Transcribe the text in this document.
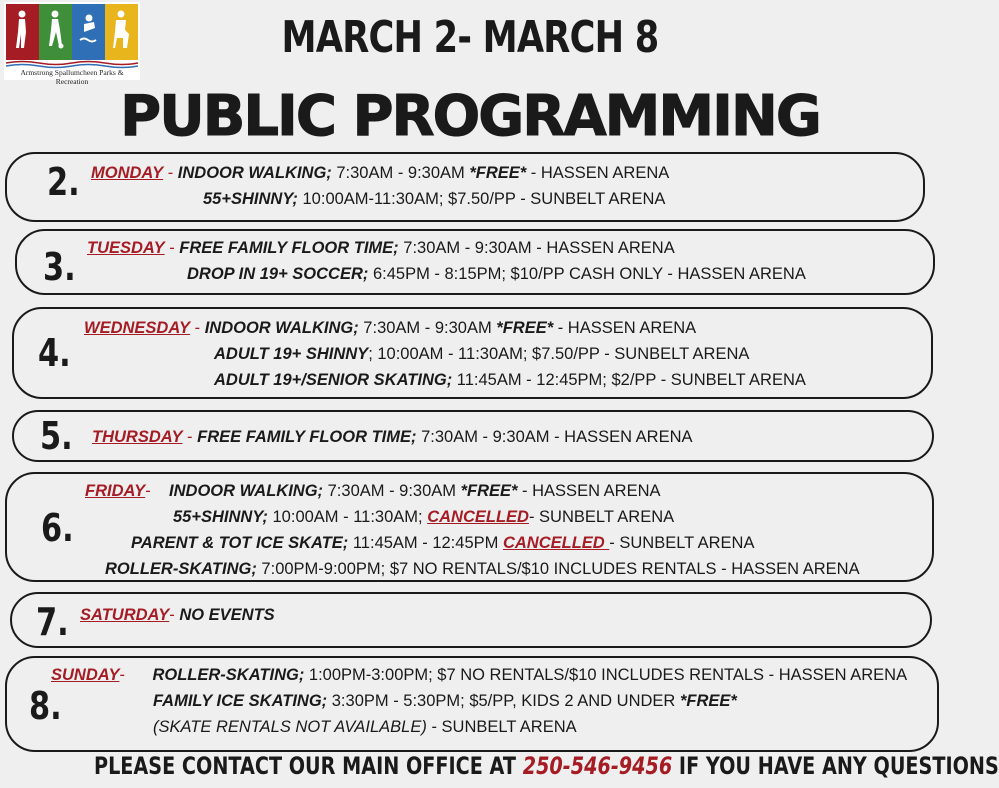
Armstrong Spallumcheen Parks & Recreation
MARCH 2- MARCH 8
PUBLIC PROGRAMMING
2. MONDAY - INDOOR WALKING; 7:30AM - 9:30AM *FREE* - HASSEN ARENA
55+SHINNY; 10:00AM-11:30AM; $7.50/PP - SUNBELT ARENA
3. TUESDAY - FREE FAMILY FLOOR TIME; 7:30AM - 9:30AM - HASSEN ARENA
DROP IN 19+ SOCCER; 6:45PM - 8:15PM; $10/PP CASH ONLY - HASSEN ARENA
4.
WEDNESDAY - INDOOR WALKING; 7:30AM - 9:30AM *FREE* - HASSEN ARENA
ADULT 19+ SHINNY; 10:00AM - 11:30AM; $7.50/PP - SUNBELT ARENA
ADULT 19+/SENIOR SKATING; 11:45AM - 12:45PM; $2/PP - SUNBELT ARENA
5. THURSDAY - FREE FAMILY FLOOR TIME; 7:30AM - 9:30AM - HASSEN ARENA
6.
FRIDAY- INDOOR WALKING; 7:30AM - 9:30AM *FREE* - HASSEN ARENA
55+SHINNY; 10:00AM - 11:30AM; CANCELLED- SUNBELT ARENA
PARENT & TOT ICE SKATE; 11:45AM - 12:45PM CANCELLED - SUNBELT ARENA
ROLLER-SKATING; 7:00PM-9:00PM; $7 NO RENTALS/$10 INCLUDES RENTALS - HASSEN ARENA
7. SATURDAY- NO EVENTS
8.
SUNDAY- ROLLER-SKATING; 1:00PM-3:00PM; $7 NO RENTALS/$10 INCLUDES RENTALS - HASSEN ARENA
FAMILY ICE SKATING; 3:30PM - 5:30PM; $5/PP, KIDS 2 AND UNDER *FREE*
(SKATE RENTALS NOT AVAILABLE) - SUNBELT ARENA
PLEASE CONTACT OUR MAIN OFFICE AT 250-546-9456 IF YOU HAVE ANY QUESTIONS
